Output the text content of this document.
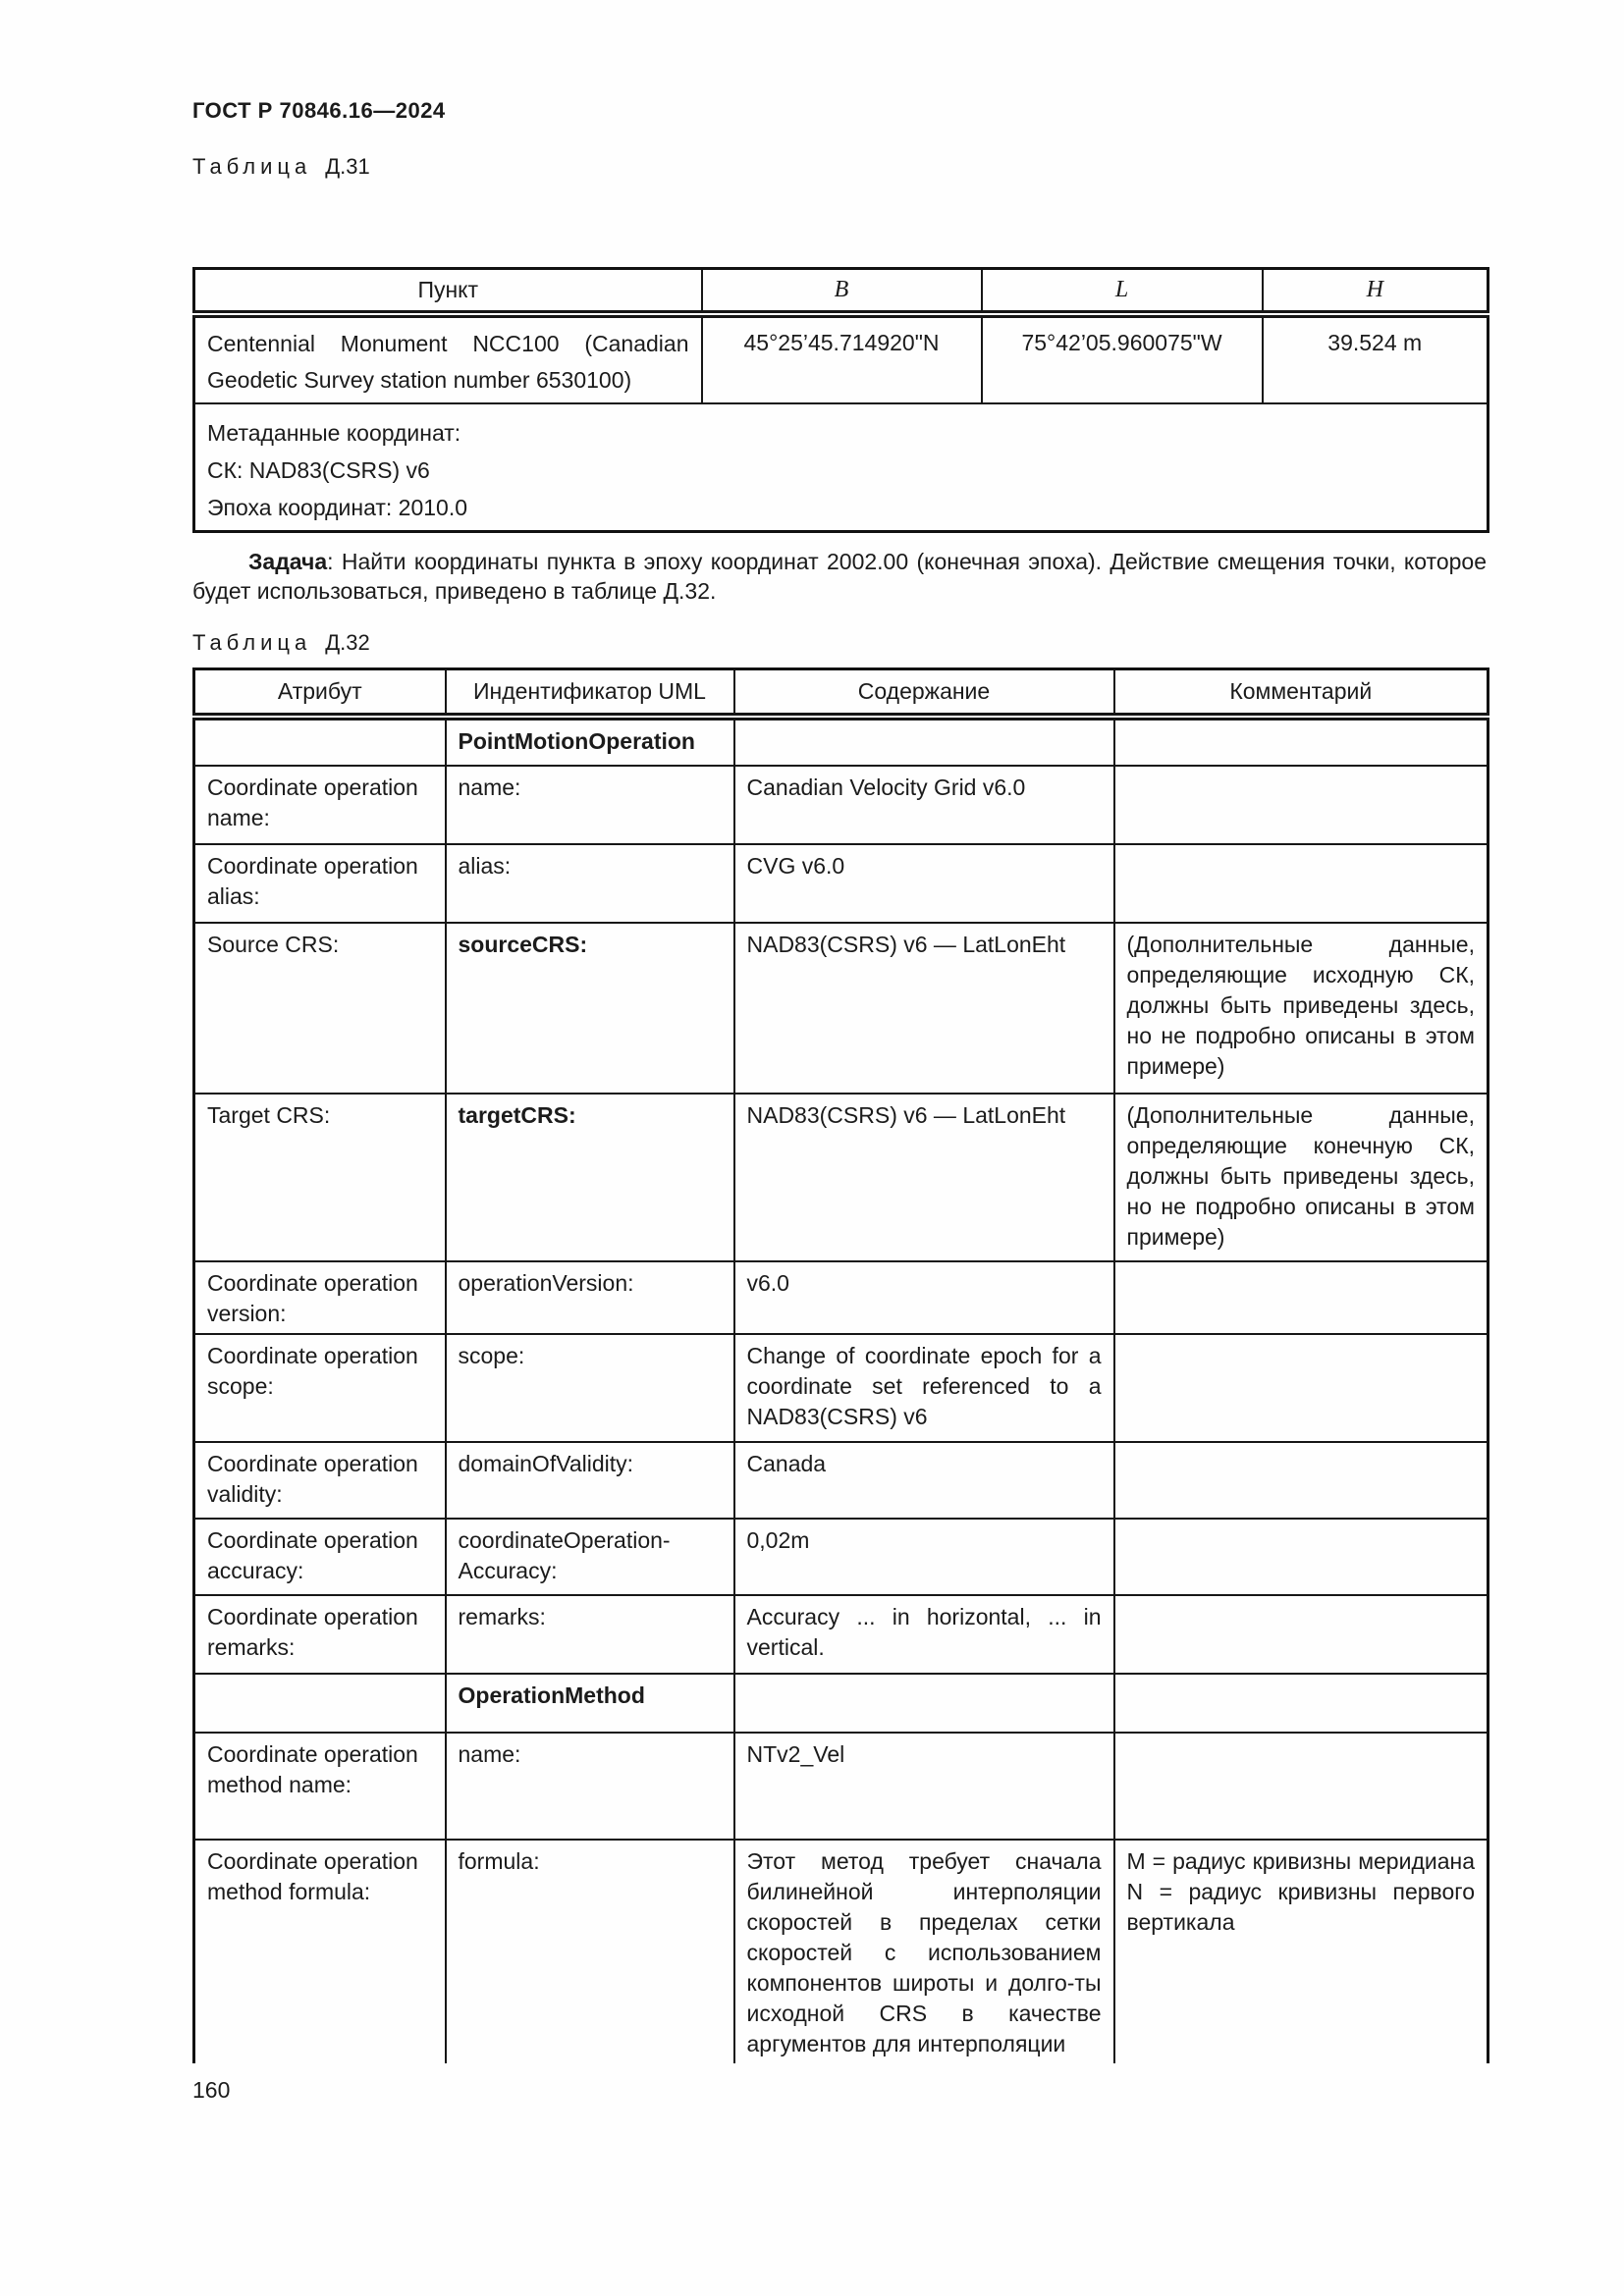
ГОСТ Р 70846.16—2024
Таблица Д.31
Пункт	B	L	H
Centennial Monument NCC100 (Canadian Geodetic Survey station number 6530100)	45°25’45.714920"N	75°42’05.960075"W	39.524 m

Метаданные координат:
СК: NAD83(CSRS) v6
Эпоха координат: 2010.0			
Задача: Найти координаты пункта в эпоху координат 2002.00 (конечная эпоха). Действие смещения точки, которое будет использоваться, приведено в таблице Д.32.
Таблица Д.32
Атрибут	Индентификатор UML	Содержание	Комментарий
	PointMotionOperation		
Coordinate operation name:	name:	Canadian Velocity Grid v6.0	
Coordinate operation alias:	alias:	CVG v6.0	
Source CRS:	sourceCRS:	NAD83(CSRS) v6 — LatLonEht	(Дополнительные данные, определяющие исходную СК, должны быть приведены здесь, но не подробно описаны в этом примере)
Target CRS:	targetCRS:	NAD83(CSRS) v6 — LatLonEht	(Дополнительные данные, определяющие конечную СК, должны быть приведены здесь, но не подробно описаны в этом примере)
Coordinate operation version:	operationVersion:	v6.0	
Coordinate operation scope:	scope:	Change of coordinate epoch for a coordinate set referenced to a NAD83(CSRS) v6	
Coordinate operation validity:	domainOfValidity:	Canada	
Coordinate operation accuracy:	coordinateOperation-Accuracy:	0,02m	
Coordinate operation remarks:	remarks:	Accuracy ... in horizontal, ... in vertical.	
	OperationMethod		
Coordinate operation method name:	name:	NTv2_Vel	
Coordinate operation method formula:	formula:	Этот метод требует сначала билинейной интерполяции скоростей в пределах сетки скоростей с использованием компонентов широты и долго-ты исходной CRS в качестве аргументов для интерполяции	M = радиус кривизны меридиана N = радиус кривизны первого вертикала
160
